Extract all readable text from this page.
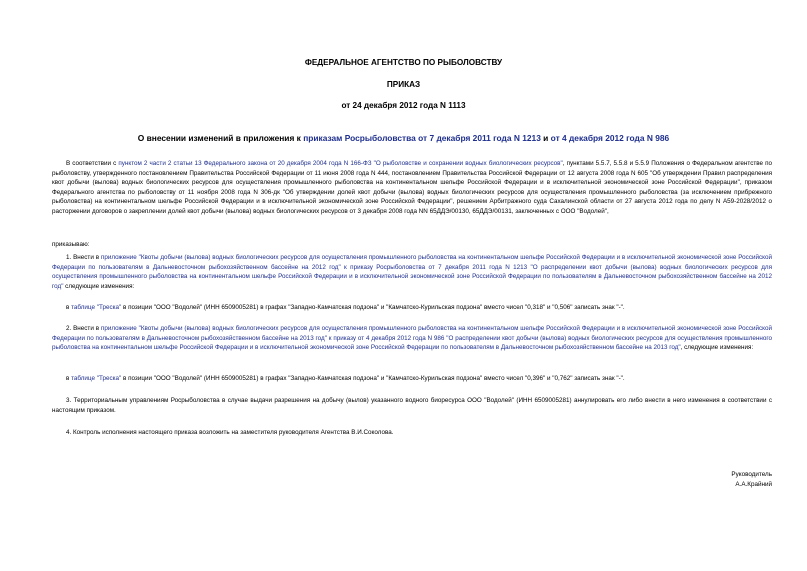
ФЕДЕРАЛЬНОЕ АГЕНТСТВО ПО РЫБОЛОВСТВУ
ПРИКАЗ
от 24 декабря 2012 года N 1113
О внесении изменений в приложения к приказам Росрыболовства от 7 декабря 2011 года N 1213 и от 4 декабря 2012 года N 986

В соответствии с пунктом 2 части 2 статьи 13 Федерального закона от 20 декабря 2004 года N 166-ФЗ "О рыболовстве и сохранении водных биологических ресурсов", пунктами 5.5.7, 5.5.8 и 5.5.9 Положения о Федеральном агентстве по рыболовству, утвержденного постановлением Правительства Российской Федерации от 11 июня 2008 года N 444, постановлением Правительства Российской Федерации от 12 августа 2008 года N 605 "Об утверждении Правил распределения квот добычи (вылова) водных биологических ресурсов для осуществления промышленного рыболовства на континентальном шельфе Российской Федерации и в исключительной экономической зоне Российской Федерации", приказом Федерального агентства по рыболовству от 11 ноября 2008 года N 306-дк "Об утверждении долей квот добычи (вылова) водных биологических ресурсов для осуществления промышленного рыболовства (за исключением прибрежного рыболовства) на континентальном шельфе Российской Федерации и в исключительной экономической зоне Российской Федерации", решением Арбитражного суда Сахалинской области от 27 августа 2012 года по делу N А59-2028/2012 о расторжении договоров о закреплении долей квот добычи (вылова) водных биологических ресурсов от 3 декабря 2008 года NN 65ДДЭ/00130, 65ДДЭ/00131, заключенных с ООО "Водолей",

приказываю:

1. Внести в приложение "Квоты добычи (вылова) водных биологических ресурсов для осуществления промышленного рыболовства на континентальном шельфе Российской Федерации и в исключительной экономической зоне Российской Федерации по пользователям в Дальневосточном рыбохозяйственном бассейне на 2012 год" к приказу Росрыболовства от 7 декабря 2011 года N 1213 "О распределении квот добычи (вылова) водных биологических ресурсов для осуществления промышленного рыболовства на континентальном шельфе Российской Федерации и в исключительной экономической зоне Российской Федерации по пользователям в Дальневосточном рыбохозяйственном бассейне на 2012 год" следующие изменения:

в таблице "Треска" в позиции "ООО "Водолей" (ИНН 6509005281) в графах "Западно-Камчатская подзона" и "Камчатско-Курильская подзона" вместо чисел "0,318" и "0,506" записать знак "-".

2. Внести в приложение "Квоты добычи (вылова) водных биологических ресурсов для осуществления промышленного рыболовства на континентальном шельфе Российской Федерации и в исключительной экономической зоне Российской Федерации по пользователям в Дальневосточном рыбохозяйственном бассейне на 2013 год" к приказу от 4 декабря 2012 года N 986 "О распределении квот добычи (вылова) водных биологических ресурсов для осуществления промышленного рыболовства на континентальном шельфе Российской Федерации и в исключительной экономической зоне Российской Федерации по пользователям в Дальневосточном рыбохозяйственном бассейне на 2013 год", следующие изменения:

в таблице "Треска" в позиции "ООО "Водолей" (ИНН 6509005281) в графах "Западно-Камчатская подзона" и "Камчатско-Курильская подзона" вместо чисел "0,396" и "0,762" записать знак "-".

3. Территориальным управлениям Росрыболовства в случае выдачи разрешения на добычу (вылов) указанного водного биоресурса ООО "Водолей" (ИНН 6509005281) аннулировать его либо внести в него изменения в соответствии с настоящим приказом.

4. Контроль исполнения настоящего приказа возложить на заместителя руководителя Агентства В.И.Соколова.

Руководитель
А.А.Крайний
